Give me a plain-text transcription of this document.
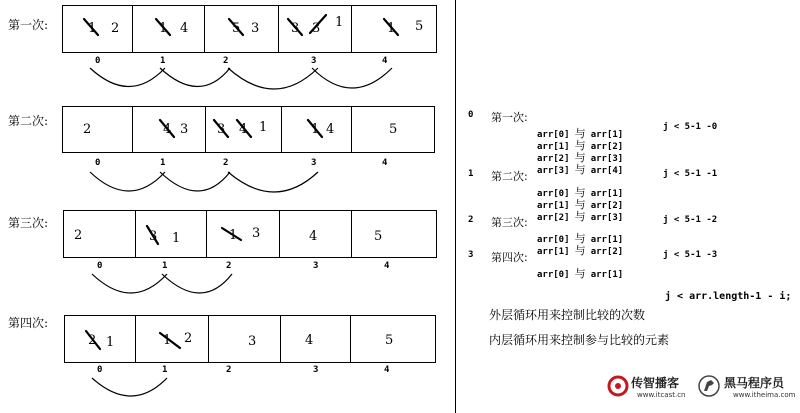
第一次:	1 2	1 4	5 3 3 3 1	1 5
0	1	2	3	4
第二次:
2	4 3 3 4 1	1 4	5
0	1	2	3	4
第三次:
2	3 1	1 3	4	5
0	1	2	3	4
第四次:
2 1	1 2	3	4	5
0	1	2	3	4
0 第一次:
j < 5-1 -0
arr[0] 与 arr[1]
arr[1] 与 arr[2]
arr[2] 与 arr[3]
arr[3] 与 arr[4]
1 第二次:	j < 5-1 -1
arr[0] 与 arr[1]
arr[1] 与 arr[2]
arr[2] 与 arr[3]
2 第三次:	j < 5-1 -2
arr[0] 与 arr[1]
arr[1] 与 arr[2]
3 第四次:	j < 5-1 -3
arr[0] 与 arr[1]
j < arr.length-1 - i;
外层循环用来控制比较的次数
内层循环用来控制参与比较的元素
传智播客
www.itcast.cn
黑马程序员
www.itheima.com
